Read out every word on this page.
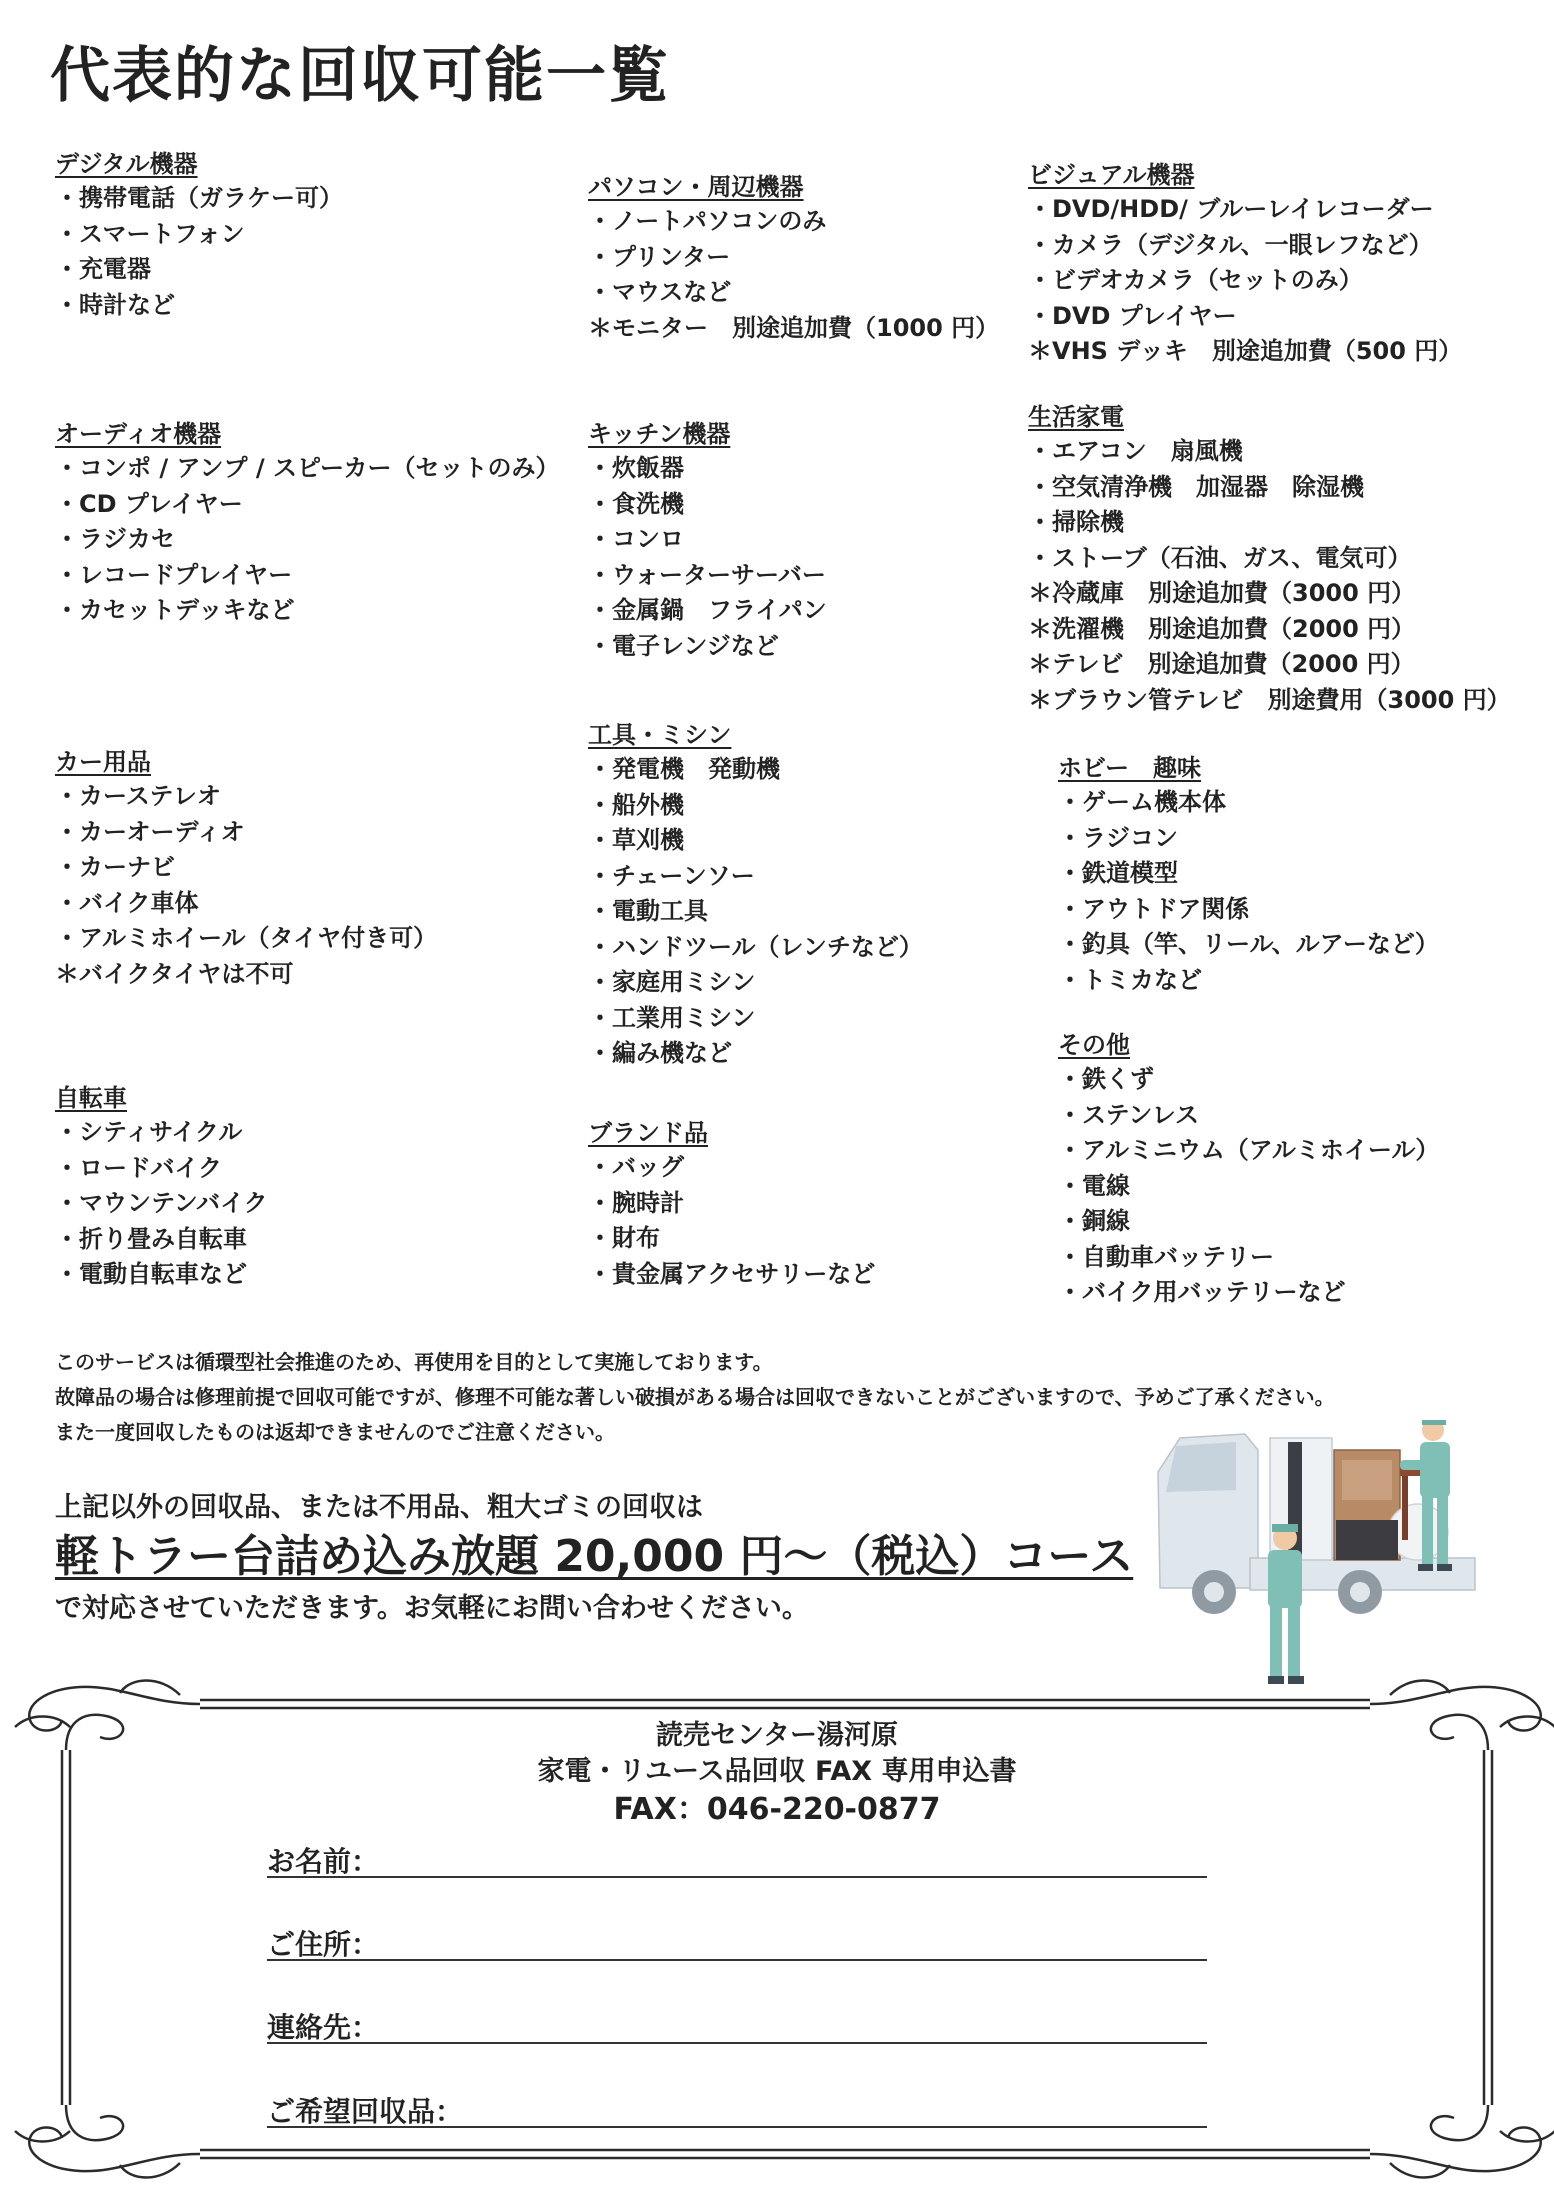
代表的な回収可能一覧
デジタル機器
・携帯電話（ガラケー可）
・スマートフォン
・充電器
・時計など
オーディオ機器
・コンポ / アンプ / スピーカー（セットのみ）
・CD プレイヤー
・ラジカセ
・レコードプレイヤー
・カセットデッキなど
カー用品
・カーステレオ
・カーオーディオ
・カーナビ
・バイク車体
・アルミホイール（タイヤ付き可）
＊バイクタイヤは不可
自転車
・シティサイクル
・ロードバイク
・マウンテンバイク
・折り畳み自転車
・電動自転車など
パソコン・周辺機器
・ノートパソコンのみ
・プリンター
・マウスなど
＊モニター　別途追加費（1000 円）
キッチン機器
・炊飯器
・食洗機
・コンロ
・ウォーターサーバー
・金属鍋　フライパン
・電子レンジなど
工具・ミシン
・発電機　発動機
・船外機
・草刈機
・チェーンソー
・電動工具
・ハンドツール（レンチなど）
・家庭用ミシン
・工業用ミシン
・編み機など
ブランド品
・バッグ
・腕時計
・財布
・貴金属アクセサリーなど
ビジュアル機器
・DVD/HDD/ ブルーレイレコーダー
・カメラ（デジタル、一眼レフなど）
・ビデオカメラ（セットのみ）
・DVD プレイヤー
＊VHS デッキ　別途追加費（500 円）
生活家電
・エアコン　扇風機
・空気清浄機　加湿器　除湿機
・掃除機
・ストーブ（石油、ガス、電気可）
＊冷蔵庫　別途追加費（3000 円）
＊洗濯機　別途追加費（2000 円）
＊テレビ　別途追加費（2000 円）
＊ブラウン管テレビ　別途費用（3000 円）
ホビー　趣味
・ゲーム機本体
・ラジコン
・鉄道模型
・アウトドア関係
・釣具（竿、リール、ルアーなど）
・トミカなど
その他
・鉄くず
・ステンレス
・アルミニウム（アルミホイール）
・電線
・銅線
・自動車バッテリー
・バイク用バッテリーなど

このサービスは循環型社会推進のため、再使用を目的として実施しております。

故障品の場合は修理前提で回収可能ですが、修理不可能な著しい破損がある場合は回収できないことがございますので、予めご了承ください。

また一度回収したものは返却できませんのでご注意ください。

上記以外の回収品、または不用品、粗大ゴミの回収は
軽トラー台詰め込み放題 20,000 円～（税込）コース
で対応させていただきます。お気軽にお問い合わせください。
読売センター湯河原
家電・リユース品回収 FAX 専用申込書
FAX：046-220-0877
お名前：
ご住所：
連絡先：
ご希望回収品：
